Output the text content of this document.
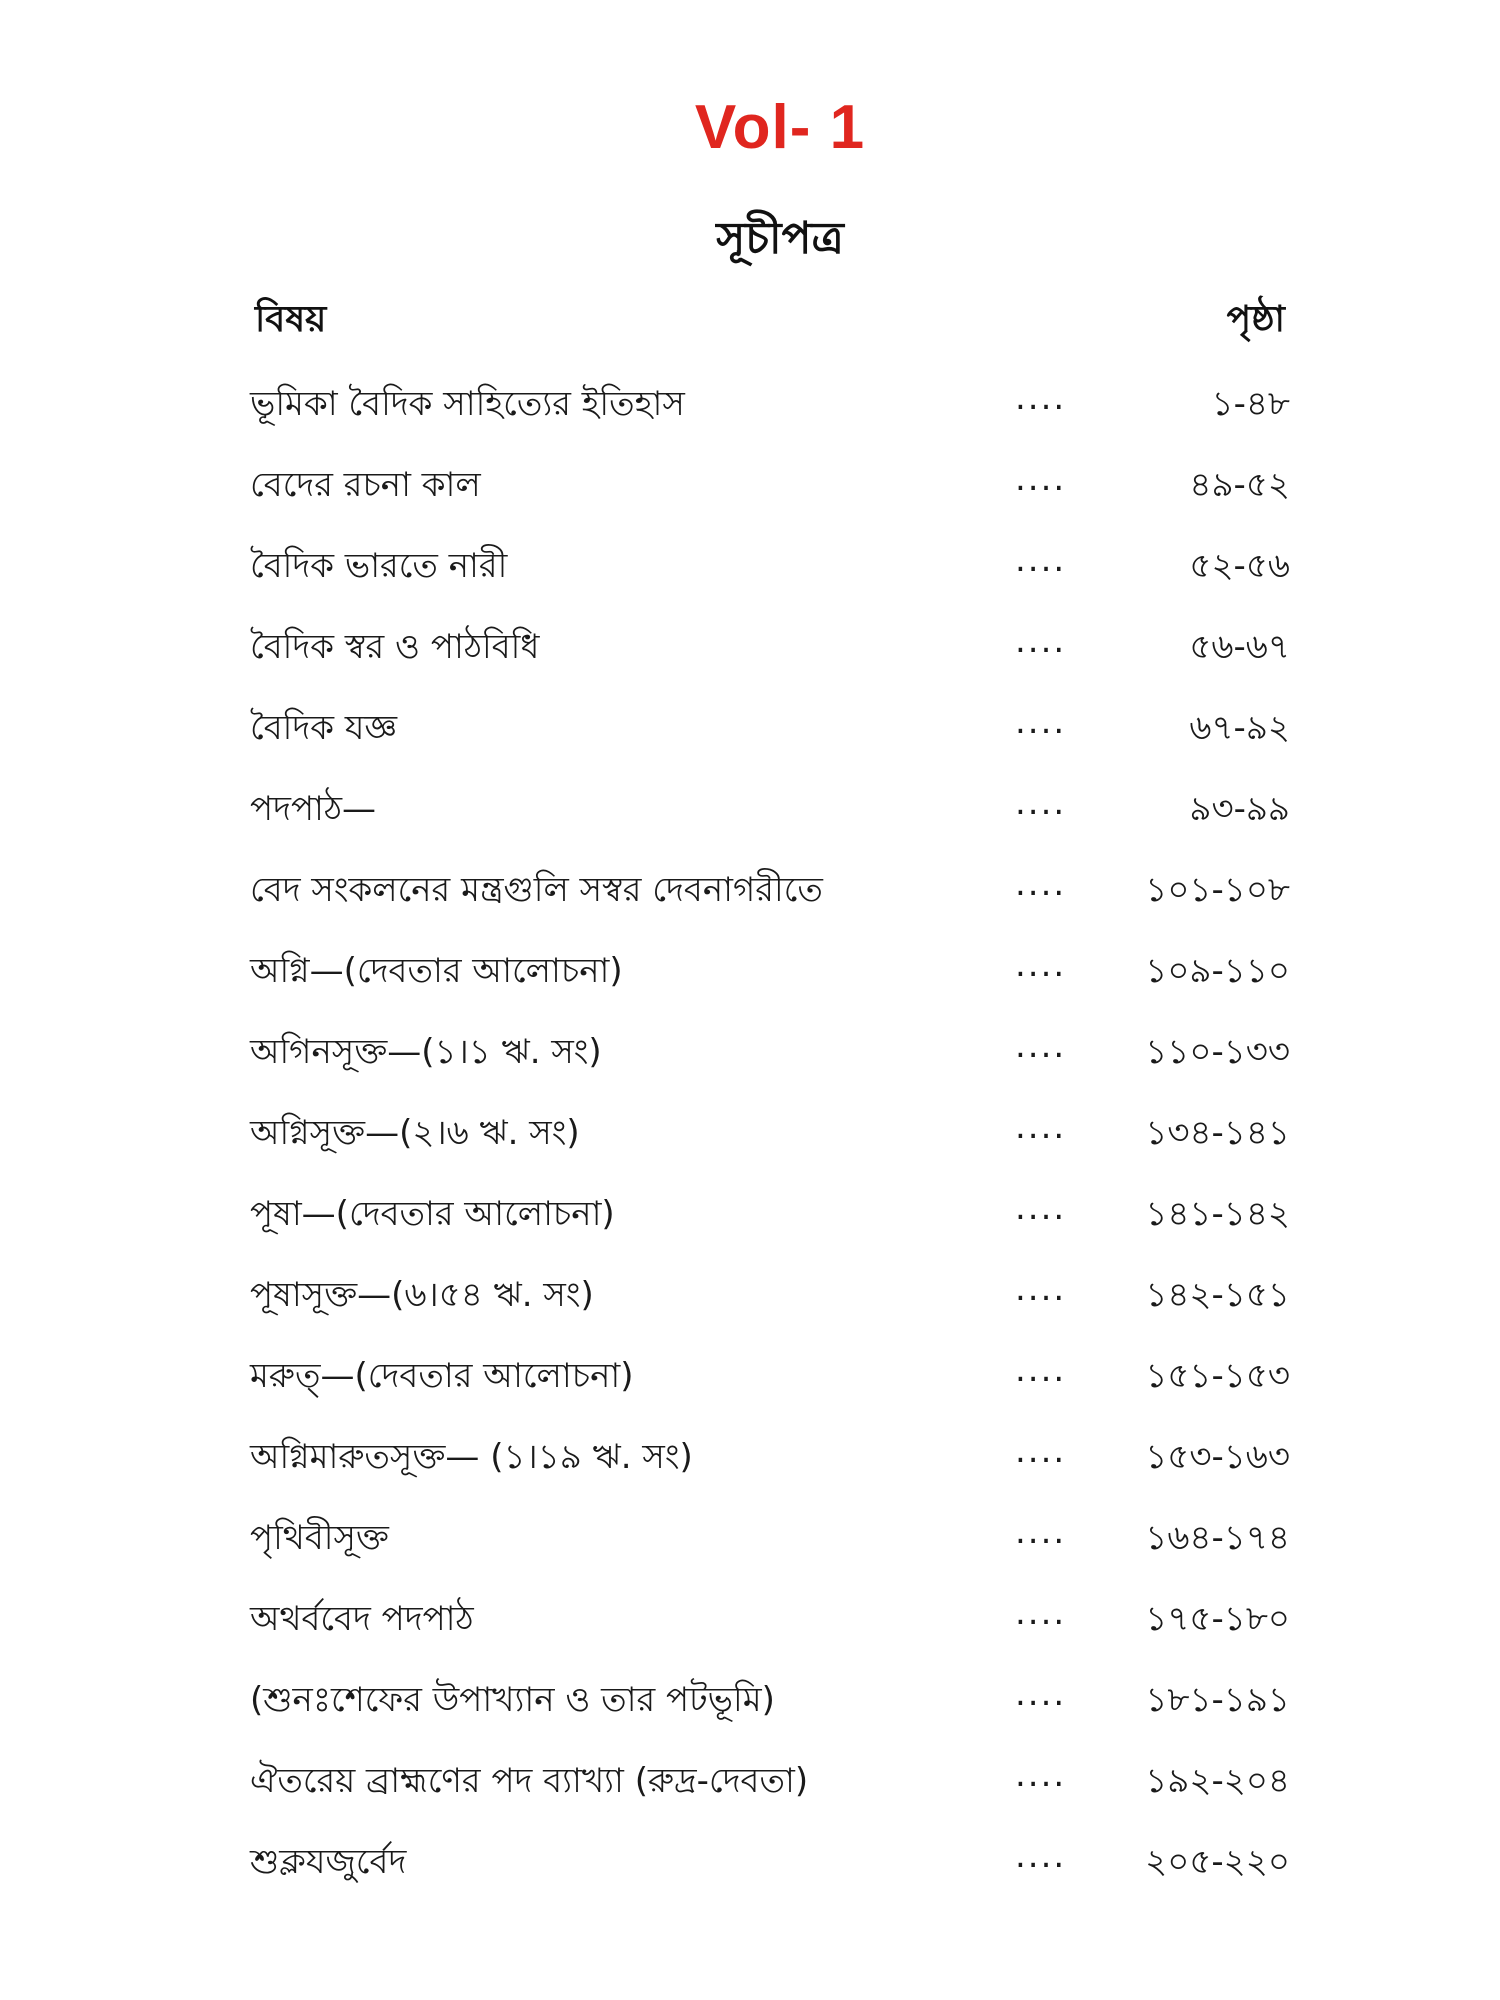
Vol- 1
সূচীপত্র
বিষয়	পৃষ্ঠা
ভূমিকা বৈদিক সাহিত্যের ইতিহাস	....	১-৪৮
বেদের রচনা কাল	....	৪৯-৫২
বৈদিক ভারতে নারী	....	৫২-৫৬
বৈদিক স্বর ও পাঠবিধি	....	৫৬-৬৭
বৈদিক যজ্ঞ	....	৬৭-৯২
পদপাঠ—	....	৯৩-৯৯
বেদ সংকলনের মন্ত্রগুলি সস্বর দেবনাগরীতে	.... ১০১-১০৮
অগ্নি—(দেবতার আলোচনা)	.... ১০৯-১১০
অগিনসূক্ত—(১।১ ঋ. সং)	.... ১১০-১৩৩
অগ্নিসূক্ত—(২।৬ ঋ. সং)	.... ১৩৪-১৪১
পূষা—(দেবতার আলোচনা)	.... ১৪১-১৪২
পূষাসূক্ত—(৬।৫৪ ঋ. সং)	.... ১৪২-১৫১
মরুত্—(দেবতার আলোচনা)	.... ১৫১-১৫৩
অগ্নিমারুতসূক্ত— (১।১৯ ঋ. সং)	.... ১৫৩-১৬৩
পৃথিবীসূক্ত	.... ১৬৪-১৭৪
অথর্ববেদ পদপাঠ	.... ১৭৫-১৮০
(শুনঃশেফের উপাখ্যান ও তার পটভূমি)	.... ১৮১-১৯১
ঐতরেয় ব্রাহ্মণের পদ ব্যাখ্যা (রুদ্র-দেবতা)	.... ১৯২-২০৪
শুক্লযজুর্বেদ	.... ২০৫-২২০
